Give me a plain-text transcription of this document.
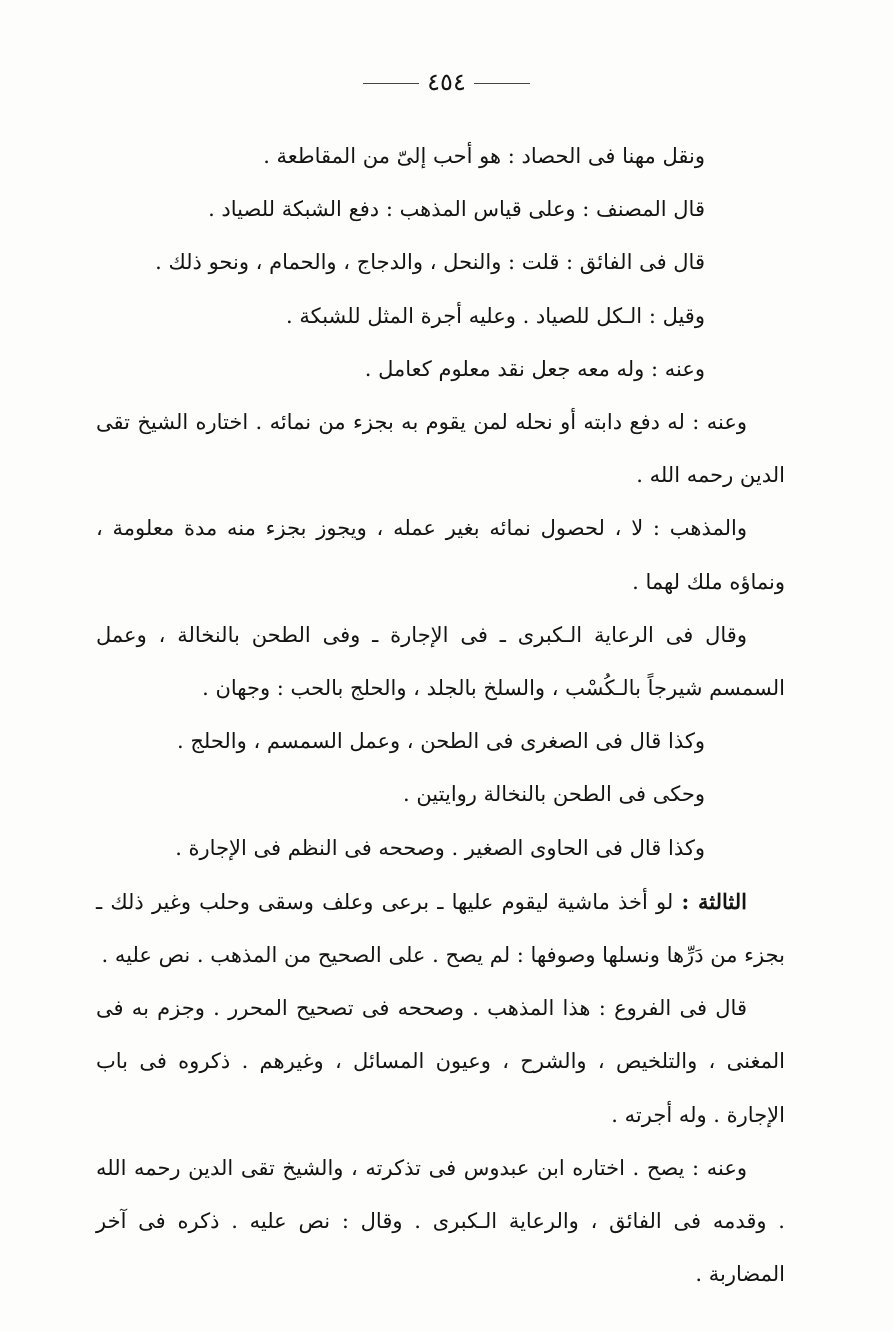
٤٥٤

ونقل مهنا فى الحصاد : هو أحب إلىّ من المقاطعة .

قال المصنف : وعلى قياس المذهب : دفع الشبكة للصياد .

قال فى الفائق : قلت : والنحل ، والدجاج ، والحمام ، ونحو ذلك .

وقيل : الـكل للصياد . وعليه أجرة المثل للشبكة .

وعنه : وله معه جعل نقد معلوم كعامل .

وعنه : له دفع دابته أو نحله لمن يقوم به بجزء من نمائه . اختاره الشيخ تقى الدين رحمه الله .

والمذهب : لا ، لحصول نمائه بغير عمله ، ويجوز بجزء منه مدة معلومة ، ونماؤه ملك لهما .

وقال فى الرعاية الـكبرى ـ فى الإجارة ـ وفى الطحن بالنخالة ، وعمل السمسم شيرجاً بالـكُسْب ، والسلخ بالجلد ، والحلج بالحب : وجهان .

وكذا قال فى الصغرى فى الطحن ، وعمل السمسم ، والحلج .

وحكى فى الطحن بالنخالة روايتين .

وكذا قال فى الحاوى الصغير . وصححه فى النظم فى الإجارة .

الثالثة : لو أخذ ماشية ليقوم عليها ـ برعى وعلف وسقى وحلب وغير ذلك ـ بجزء من دَرِّها ونسلها وصوفها : لم يصح . على الصحيح من المذهب . نص عليه .

قال فى الفروع : هذا المذهب . وصححه فى تصحيح المحرر . وجزم به فى المغنى ، والتلخيص ، والشرح ، وعيون المسائل ، وغيرهم . ذكروه فى باب الإجارة . وله أجرته .

وعنه : يصح . اختاره ابن عبدوس فى تذكرته ، والشيخ تقى الدين رحمه الله . وقدمه فى الفائق ، والرعاية الـكبرى . وقال : نص عليه . ذكره فى آخر المضاربة .
